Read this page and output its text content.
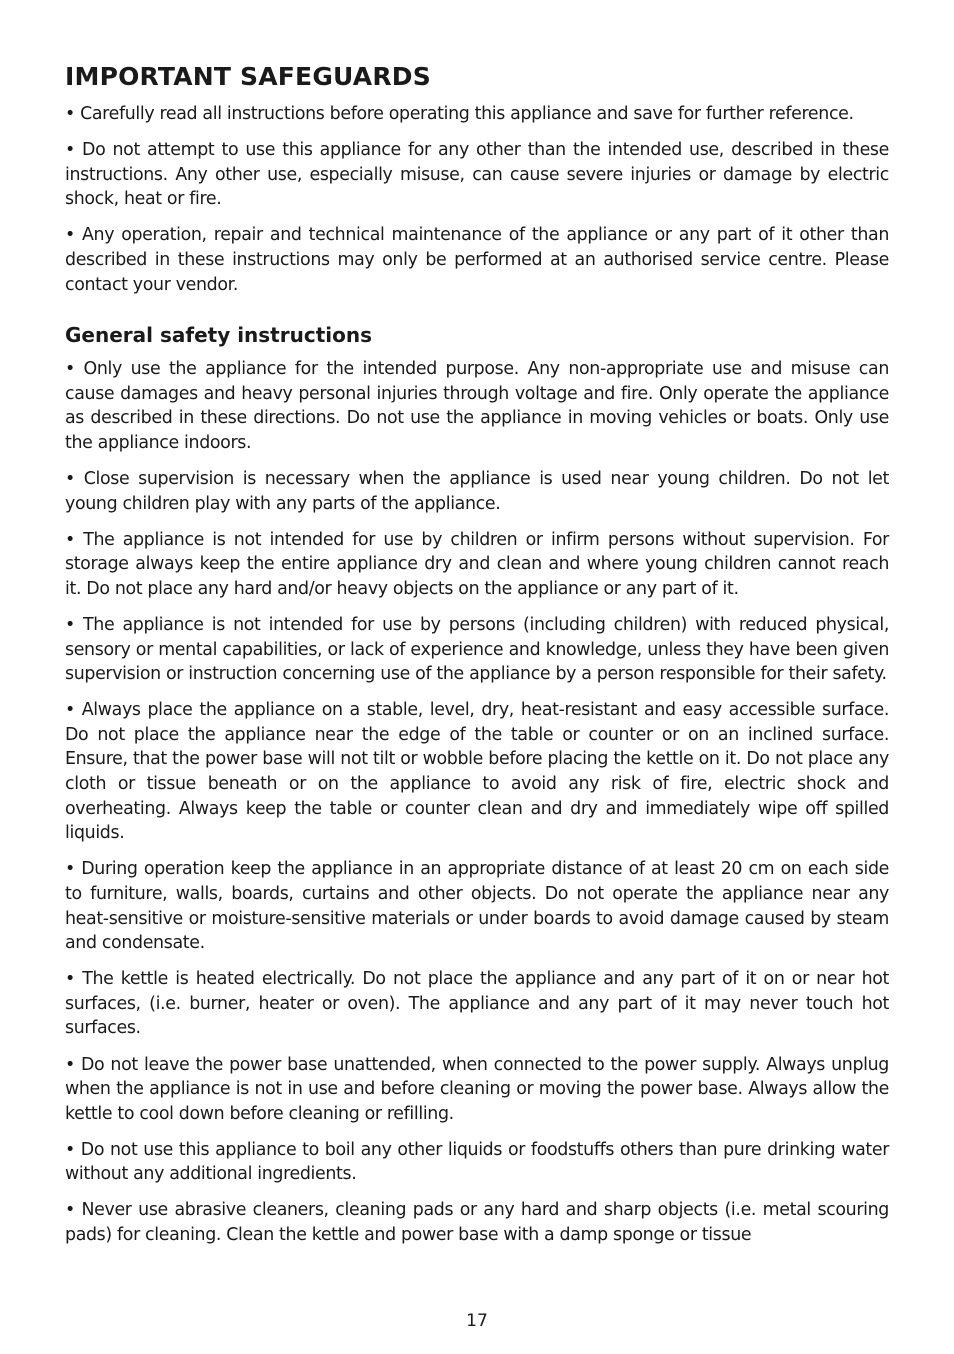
IMPORTANT SAFEGUARDS

• Carefully read all instructions before operating this appliance and save for further reference.

• Do not attempt to use this appliance for any other than the intended use, described in these instructions. Any other use, especially misuse, can cause severe injuries or damage by electric shock, heat or fire.

• Any operation, repair and technical maintenance of the appliance or any part of it other than described in these instructions may only be performed at an authorised service centre. Please contact your vendor.

General safety instructions

• Only use the appliance for the intended purpose. Any non-appropriate use and misuse can cause damages and heavy personal injuries through voltage and fire. Only operate the appliance as described in these directions. Do not use the appliance in moving vehicles or boats. Only use the appliance indoors.

• Close supervision is necessary when the appliance is used near young children. Do not let young children play with any parts of the appliance.

• The appliance is not intended for use by children or infirm persons without supervision. For storage always keep the entire appliance dry and clean and where young children cannot reach it. Do not place any hard and/or heavy objects on the appliance or any part of it.

• The appliance is not intended for use by persons (including children) with reduced physical, sensory or mental capabilities, or lack of experience and knowledge, unless they have been given supervision or instruction concerning use of the appliance by a person responsible for their safety.

• Always place the appliance on a stable, level, dry, heat-resistant and easy accessible surface. Do not place the appliance near the edge of the table or counter or on an inclined surface. Ensure, that the power base will not tilt or wobble before placing the kettle on it. Do not place any cloth or tissue beneath or on the appliance to avoid any risk of fire, electric shock and overheating. Always keep the table or counter clean and dry and immediately wipe off spilled liquids.

• During operation keep the appliance in an appropriate distance of at least 20 cm on each side to furniture, walls, boards, curtains and other objects. Do not operate the appliance near any heat-sensitive or moisture-sensitive materials or under boards to avoid damage caused by steam and condensate.

• The kettle is heated electrically. Do not place the appliance and any part of it on or near hot surfaces, (i.e. burner, heater or oven). The appliance and any part of it may never touch hot surfaces.

• Do not leave the power base unattended, when connected to the power supply. Always unplug when the appliance is not in use and before cleaning or moving the power base. Always allow the kettle to cool down before cleaning or refilling.

• Do not use this appliance to boil any other liquids or foodstuffs others than pure drinking water without any additional ingredients.

• Never use abrasive cleaners, cleaning pads or any hard and sharp objects (i.e. metal scouring pads) for cleaning. Clean the kettle and power base with a damp sponge or tissue

17
